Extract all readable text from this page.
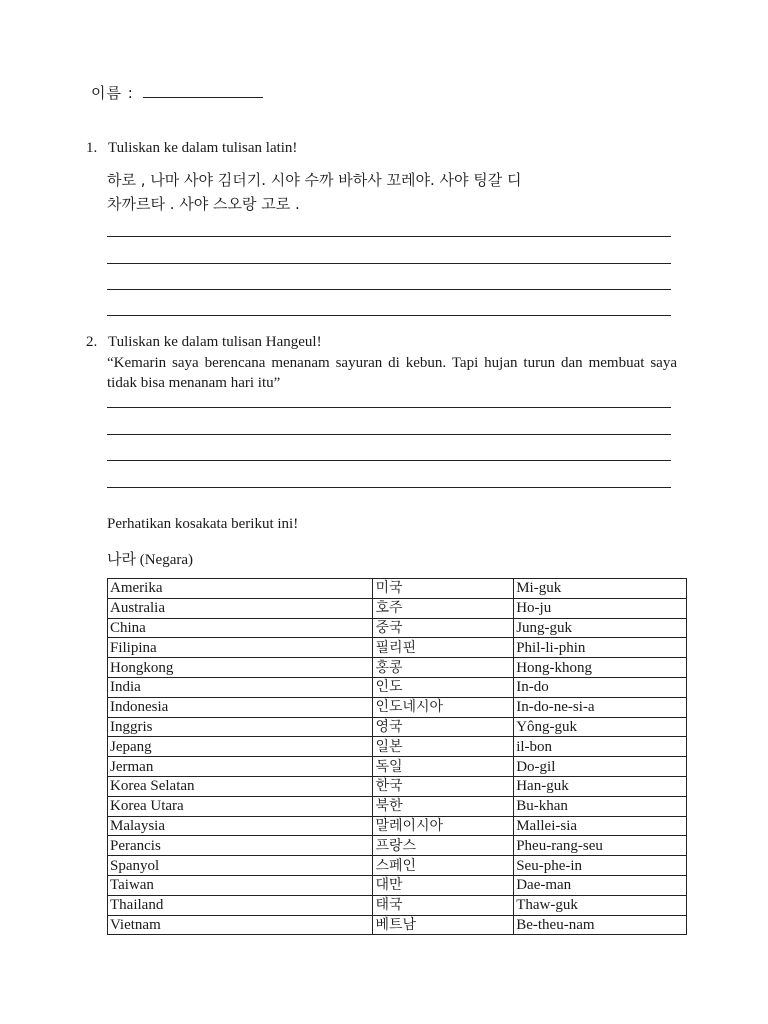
이름 :
1. Tuliskan ke dalam tulisan latin!
하로 , 나마 사야 김더기. 시야 수까 바하사 꼬레야. 사야 팅갈 디
차까르타 . 사야 스오랑 고로 .
2. Tuliskan ke dalam tulisan Hangeul!
“Kemarin saya berencana menanam sayuran di kebun. Tapi hujan turun dan membuat saya tidak bisa menanam hari itu”
Perhatikan kosakata berikut ini!
나라 (Negara)
Amerika	미국	Mi-guk
Australia	호주	Ho-ju
China	중국	Jung-guk
Filipina	필리핀	Phil-li-phin
Hongkong	홍콩	Hong-khong
India	인도	In-do
Indonesia	인도네시아	In-do-ne-si-a
Inggris	영국	Yông-guk
Jepang	일본	il-bon
Jerman	독일	Do-gil
Korea Selatan	한국	Han-guk
Korea Utara	북한	Bu-khan
Malaysia	말레이시아	Mallei-sia
Perancis	프랑스	Pheu-rang-seu
Spanyol	스페인	Seu-phe-in
Taiwan	대만	Dae-man
Thailand	태국	Thaw-guk
Vietnam	베트남	Be-theu-nam
